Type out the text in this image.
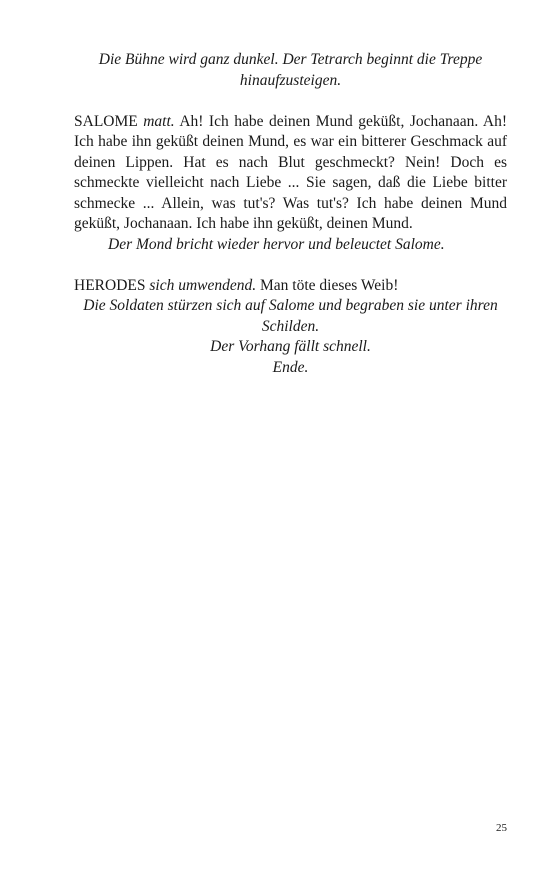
Die Bühne wird ganz dunkel. Der Tetrarch beginnt die Treppe hinaufzusteigen.

SALOME matt. Ah! Ich habe deinen Mund geküßt, Jochanaan. Ah! Ich habe ihn geküßt deinen Mund, es war ein bitterer Geschmack auf deinen Lippen. Hat es nach Blut geschmeckt? Nein! Doch es schmeckte vielleicht nach Liebe ... Sie sagen, daß die Liebe bitter schmecke ... Allein, was tut's? Was tut's? Ich habe deinen Mund geküßt, Jochanaan. Ich habe ihn geküßt, deinen Mund.

Der Mond bricht wieder hervor und beleuctet Salome.

HERODES sich umwendend. Man töte dieses Weib!

Die Soldaten stürzen sich auf Salome und begraben sie unter ihren Schilden.

Der Vorhang fällt schnell.

Ende.

25
